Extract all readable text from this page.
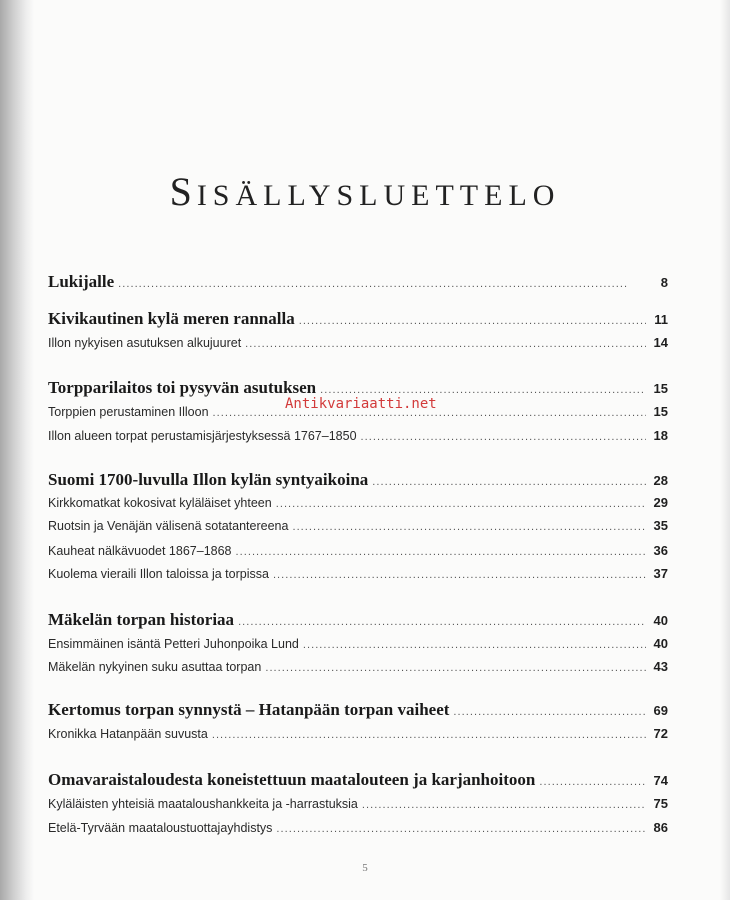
SISÄLLYSLUETTELO
Lukijalle . . .	8
Kivikautinen kylä meren rannalla . . .	11
Illon nykyisen asutuksen alkujuuret . . .	14
Torpparilaitos toi pysyvän asutuksen . . .	15
Torppien perustaminen Illoon . . .	15
Illon alueen torpat perustamisjärjestyksessä 1767–1850 . . .	18
Suomi 1700-luvulla Illon kylän syntyaikoina . . .	28
Kirkkomatkat kokosivat kyläläiset yhteen . . .	29
Ruotsin ja Venäjän välisenä sotatantereena . . .	35
Kauheat nälkävuodet 1867–1868 . . .	36
Kuolema vieraili Illon taloissa ja torpissa . . .	37
Mäkelän torpan historiaa . . .	40
Ensimmäinen isäntä Petteri Juhonpoika Lund . . .	40
Mäkelän nykyinen suku asuttaa torpan . . .	43
Kertomus torpan synnystä – Hatanpään torpan vaiheet . . .	69
Kronikka Hatanpään suvusta . . .	72
Omavaraistaloudesta koneistettuun maatalouteen ja karjanhoitoon . . .	74
Kyläläisten yhteisiä maataloushankkeita ja -harrastuksia . . .	75
Etelä-Tyrvään maataloustuottajayhdistys . . .	86
Antikvariaatti.net
5
